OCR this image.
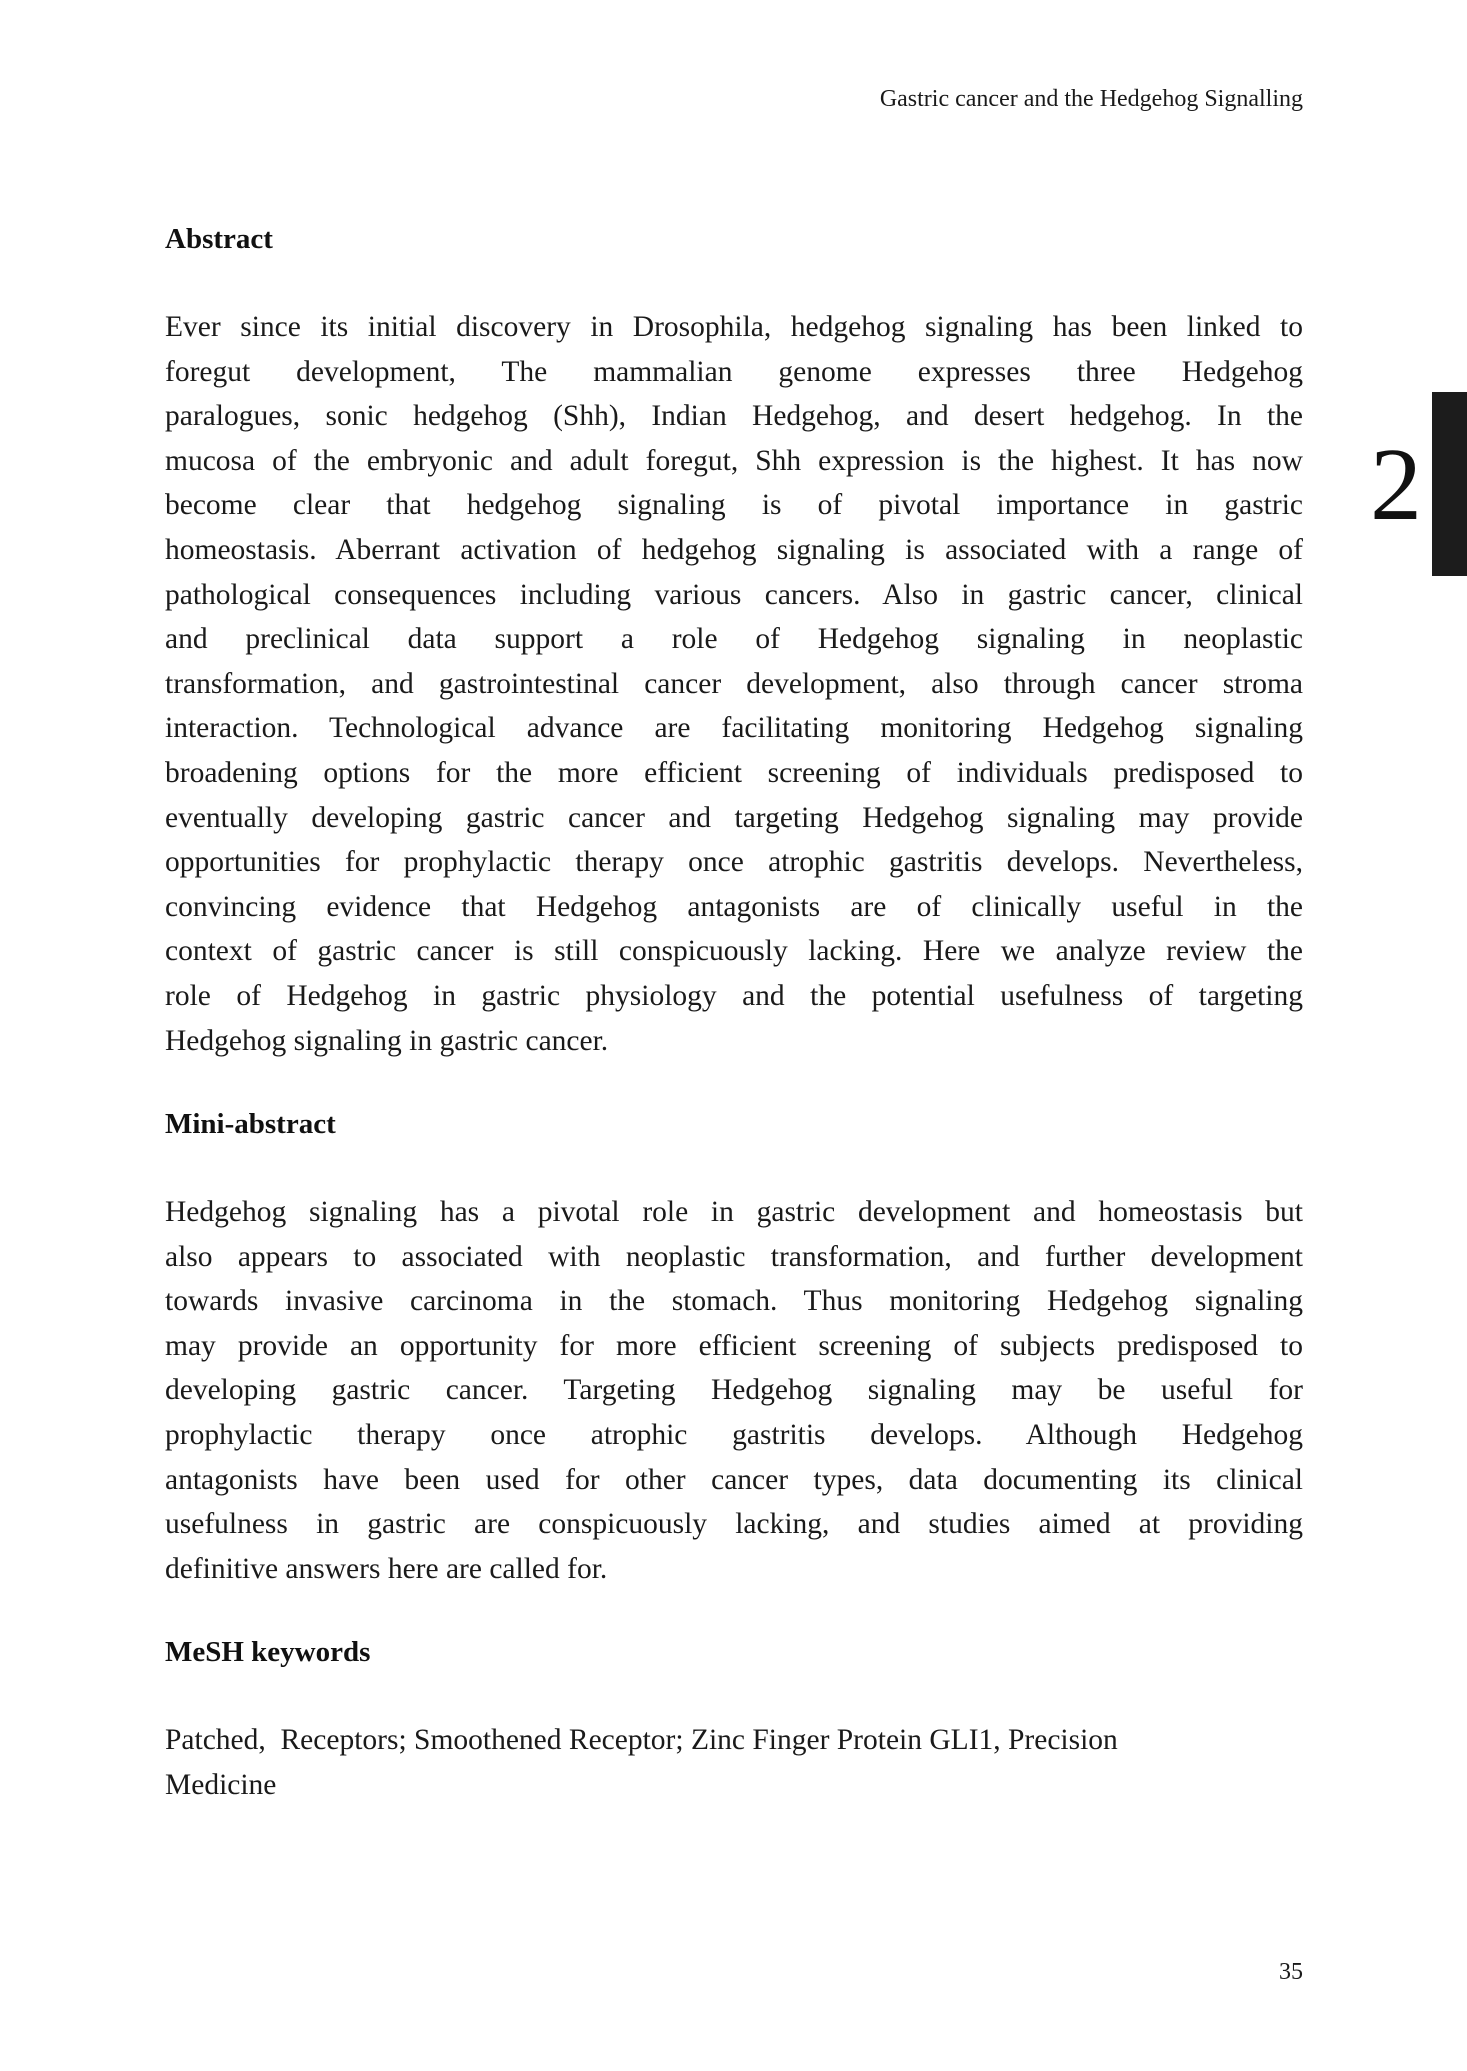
Gastric cancer and the Hedgehog Signalling
2
Abstract
Ever since its initial discovery in Drosophila, hedgehog signaling has been linked to
foregut development, The mammalian genome expresses three Hedgehog
paralogues, sonic hedgehog (Shh), Indian Hedgehog, and desert hedgehog. In the
mucosa of the embryonic and adult foregut, Shh expression is the highest. It has now
become clear that hedgehog signaling is of pivotal importance in gastric
homeostasis. Aberrant activation of hedgehog signaling is associated with a range of
pathological consequences including various cancers. Also in gastric cancer, clinical
and preclinical data support a role of Hedgehog signaling in neoplastic
transformation, and gastrointestinal cancer development, also through cancer stroma
interaction. Technological advance are facilitating monitoring Hedgehog signaling
broadening options for the more efficient screening of individuals predisposed to
eventually developing gastric cancer and targeting Hedgehog signaling may provide
opportunities for prophylactic therapy once atrophic gastritis develops. Nevertheless,
convincing evidence that Hedgehog antagonists are of clinically useful in the
context of gastric cancer is still conspicuously lacking. Here we analyze review the
role of Hedgehog in gastric physiology and the potential usefulness of targeting
Hedgehog signaling in gastric cancer.
Mini-abstract
Hedgehog signaling has a pivotal role in gastric development and homeostasis but
also appears to associated with neoplastic transformation, and further development
towards invasive carcinoma in the stomach. Thus monitoring Hedgehog signaling
may provide an opportunity for more efficient screening of subjects predisposed to
developing gastric cancer. Targeting Hedgehog signaling may be useful for
prophylactic therapy once atrophic gastritis develops. Although Hedgehog
antagonists have been used for other cancer types, data documenting its clinical
usefulness in gastric are conspicuously lacking, and studies aimed at providing
definitive answers here are called for.
MeSH keywords
Patched,  Receptors; Smoothened Receptor; Zinc Finger Protein GLI1, Precision
Medicine
35
